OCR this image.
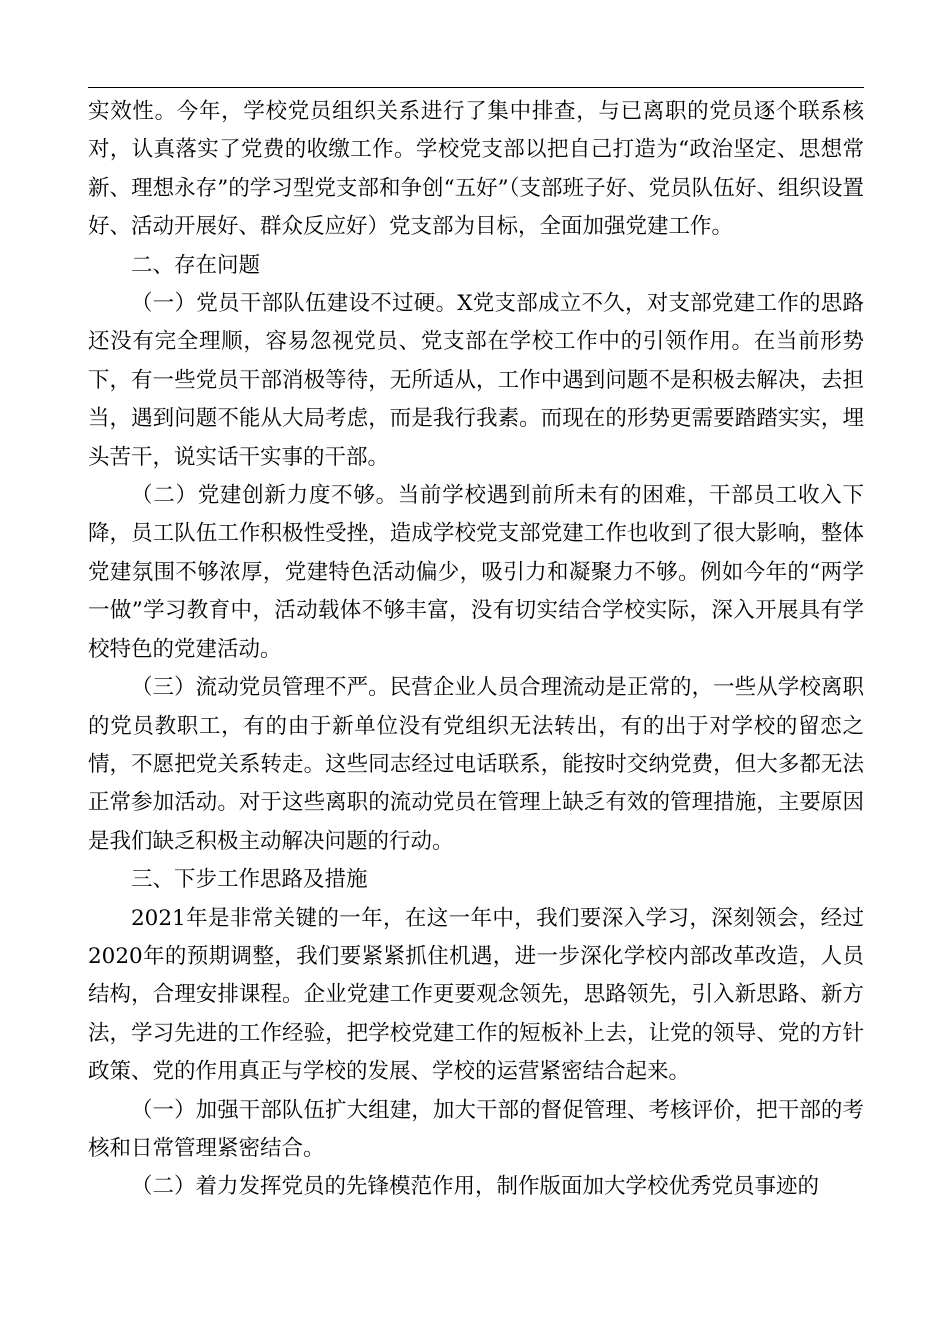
实效性。今年，学校党员组织关系进行了集中排查，与已离职的党员逐个联系核对，认真落实了党费的收缴工作。学校党支部以把自己打造为“政治坚定、思想常新、理想永存”的学习型党支部和争创“五好”（支部班子好、党员队伍好、组织设置好、活动开展好、群众反应好）党支部为目标，全面加强党建工作。

二、存在问题

（一）党员干部队伍建设不过硬。X党支部成立不久，对支部党建工作的思路还没有完全理顺，容易忽视党员、党支部在学校工作中的引领作用。在当前形势下，有一些党员干部消极等待，无所适从，工作中遇到问题不是积极去解决，去担当，遇到问题不能从大局考虑，而是我行我素。而现在的形势更需要踏踏实实，埋头苦干，说实话干实事的干部。

（二）党建创新力度不够。当前学校遇到前所未有的困难，干部员工收入下降，员工队伍工作积极性受挫，造成学校党支部党建工作也收到了很大影响，整体党建氛围不够浓厚，党建特色活动偏少，吸引力和凝聚力不够。例如今年的“两学一做”学习教育中，活动载体不够丰富，没有切实结合学校实际，深入开展具有学校特色的党建活动。

（三）流动党员管理不严。民营企业人员合理流动是正常的，一些从学校离职的党员教职工，有的由于新单位没有党组织无法转出，有的出于对学校的留恋之情，不愿把党关系转走。这些同志经过电话联系，能按时交纳党费，但大多都无法正常参加活动。对于这些离职的流动党员在管理上缺乏有效的管理措施，主要原因是我们缺乏积极主动解决问题的行动。

三、下步工作思路及措施

2021年是非常关键的一年，在这一年中，我们要深入学习，深刻领会，经过2020年的预期调整，我们要紧紧抓住机遇，进一步深化学校内部改革改造，人员结构，合理安排课程。企业党建工作更要观念领先，思路领先，引入新思路、新方法，学习先进的工作经验，把学校党建工作的短板补上去，让党的领导、党的方针政策、党的作用真正与学校的发展、学校的运营紧密结合起来。

（一）加强干部队伍扩大组建，加大干部的督促管理、考核评价，把干部的考核和日常管理紧密结合。

（二）着力发挥党员的先锋模范作用，制作版面加大学校优秀党员事迹的
